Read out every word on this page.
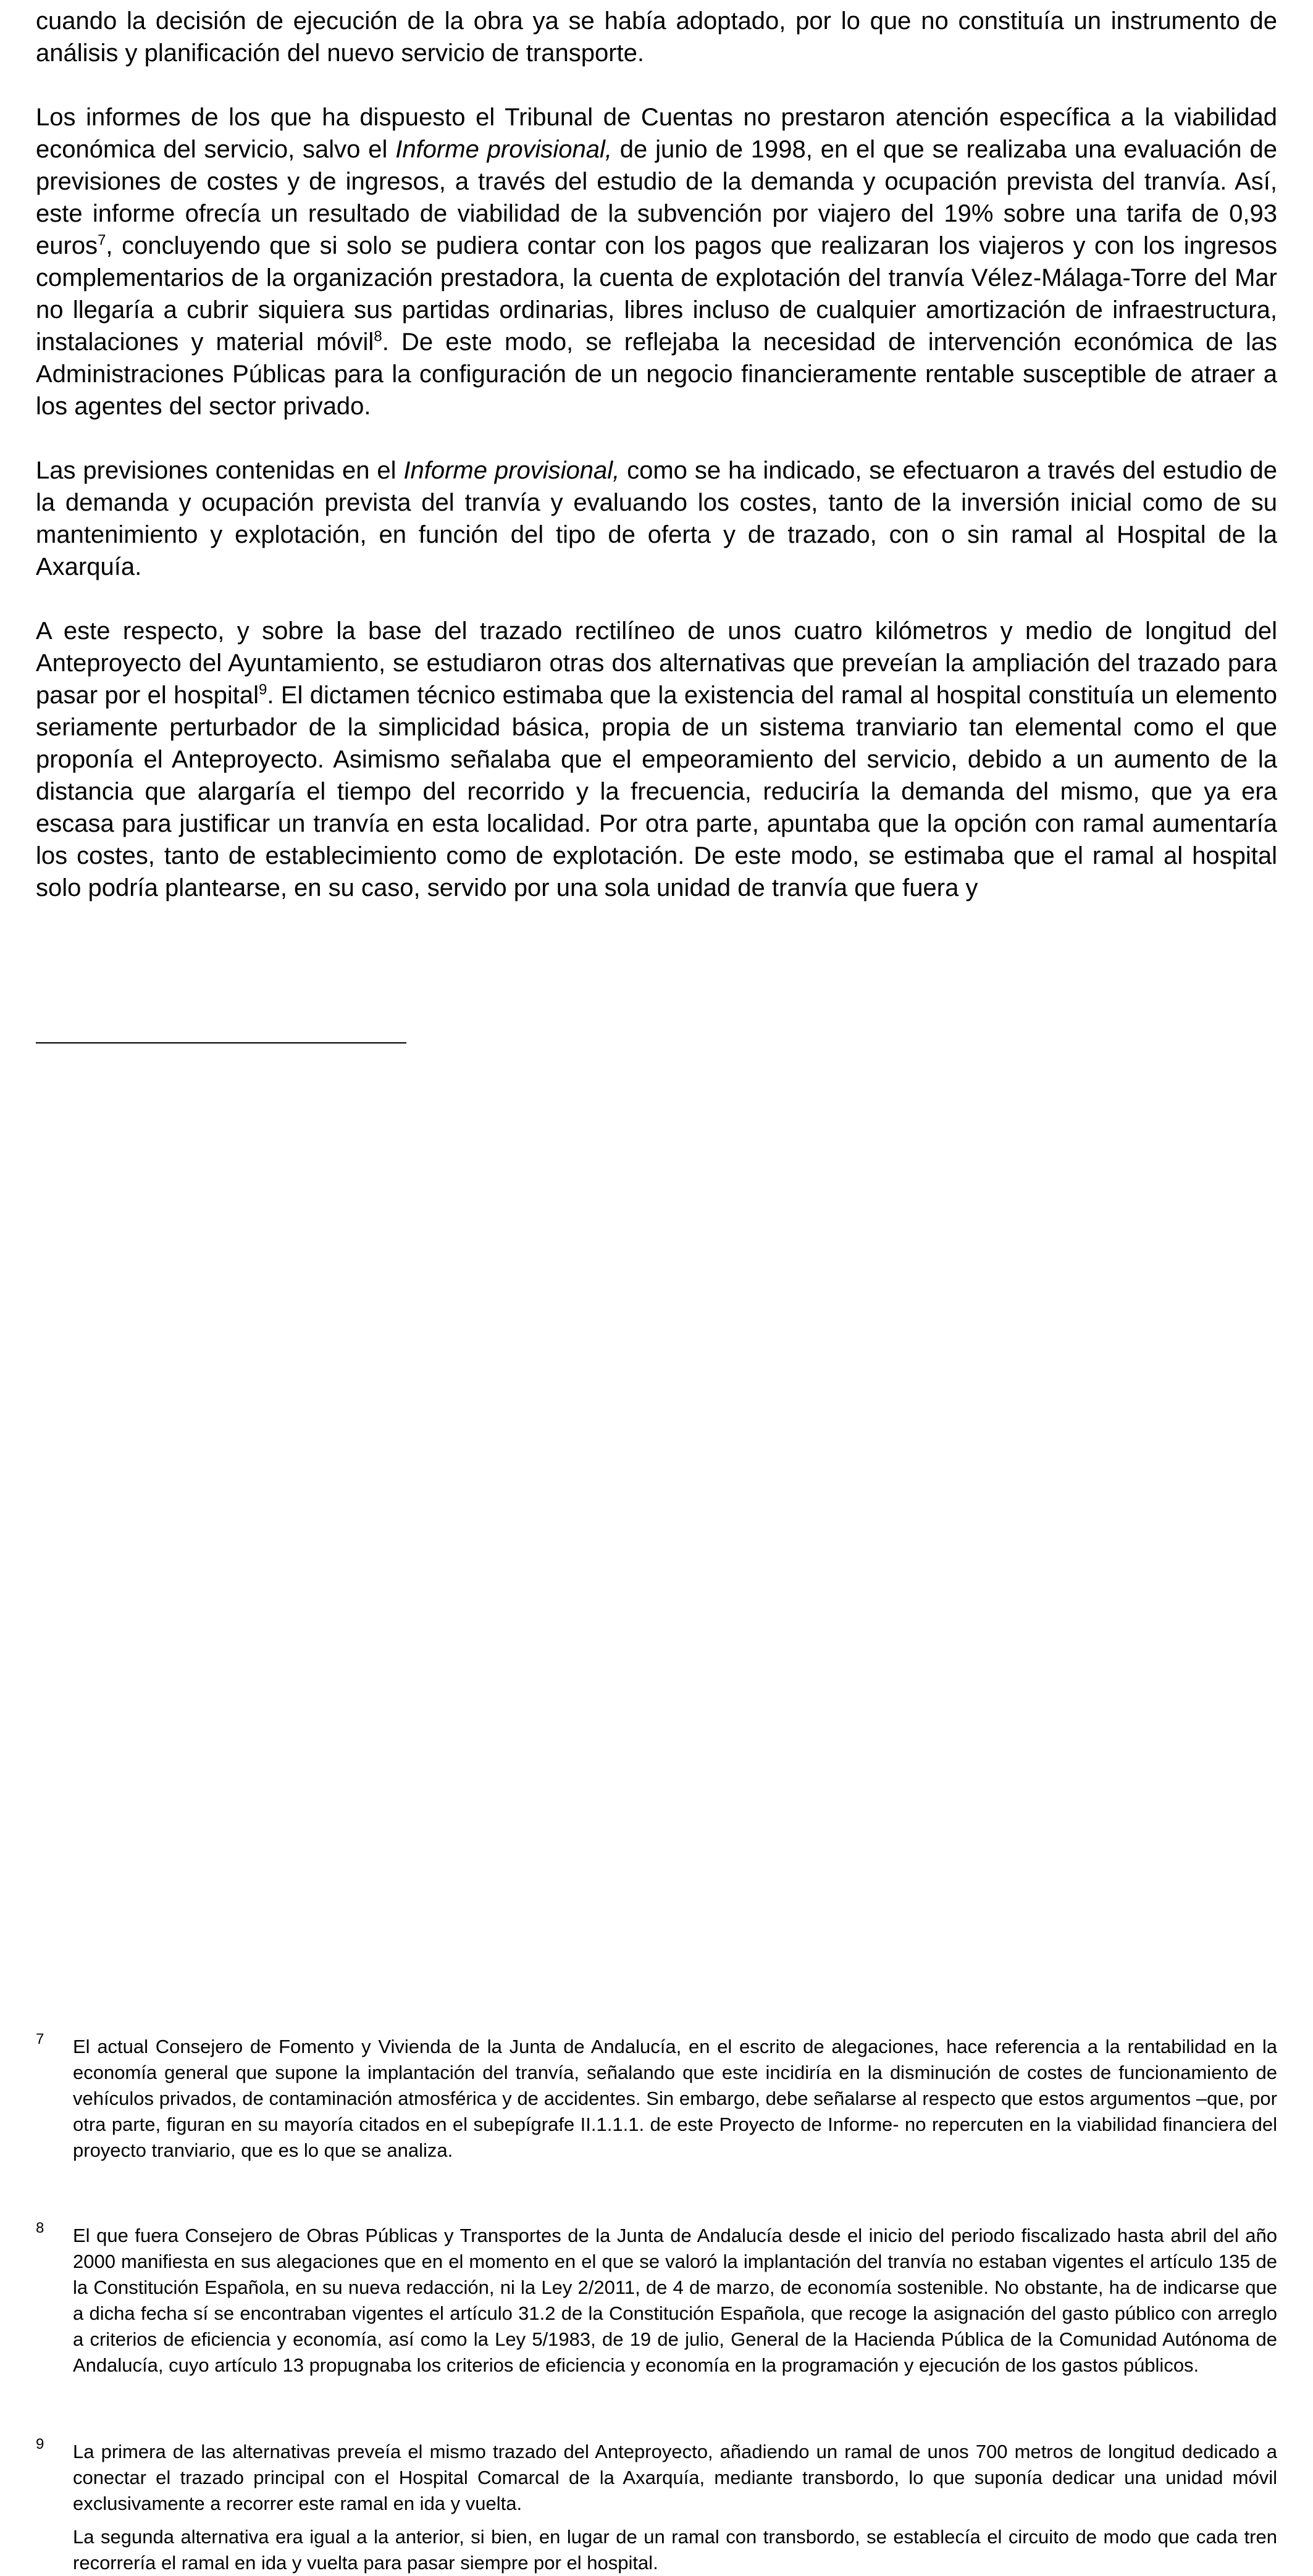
cuando la decisión de ejecución de la obra ya se había adoptado, por lo que no constituía un instrumento de análisis y planificación del nuevo servicio de transporte.

Los informes de los que ha dispuesto el Tribunal de Cuentas no prestaron atención específica a la viabilidad económica del servicio, salvo el Informe provisional, de junio de 1998, en el que se realizaba una evaluación de previsiones de costes y de ingresos, a través del estudio de la demanda y ocupación prevista del tranvía. Así, este informe ofrecía un resultado de viabilidad de la subvención por viajero del 19% sobre una tarifa de 0,93 euros$^7$, concluyendo que si solo se pudiera contar con los pagos que realizaran los viajeros y con los ingresos complementarios de la organización prestadora, la cuenta de explotación del tranvía Vélez-Málaga-Torre del Mar no llegaría a cubrir siquiera sus partidas ordinarias, libres incluso de cualquier amortización de infraestructura, instalaciones y material móvil$^8$. De este modo, se reflejaba la necesidad de intervención económica de las Administraciones Públicas para la configuración de un negocio financieramente rentable susceptible de atraer a los agentes del sector privado.

Las previsiones contenidas en el Informe provisional, como se ha indicado, se efectuaron a través del estudio de la demanda y ocupación prevista del tranvía y evaluando los costes, tanto de la inversión inicial como de su mantenimiento y explotación, en función del tipo de oferta y de trazado, con o sin ramal al Hospital de la Axarquía.

A este respecto, y sobre la base del trazado rectilíneo de unos cuatro kilómetros y medio de longitud del Anteproyecto del Ayuntamiento, se estudiaron otras dos alternativas que preveían la ampliación del trazado para pasar por el hospital$^9$. El dictamen técnico estimaba que la existencia del ramal al hospital constituía un elemento seriamente perturbador de la simplicidad básica, propia de un sistema tranviario tan elemental como el que proponía el Anteproyecto. Asimismo señalaba que el empeoramiento del servicio, debido a un aumento de la distancia que alargaría el tiempo del recorrido y la frecuencia, reduciría la demanda del mismo, que ya era escasa para justificar un tranvía en esta localidad. Por otra parte, apuntaba que la opción con ramal aumentaría los costes, tanto de establecimiento como de explotación. De este modo, se estimaba que el ramal al hospital solo podría plantearse, en su caso, servido por una sola unidad de tranvía que fuera y

7 El actual Consejero de Fomento y Vivienda de la Junta de Andalucía, en el escrito de alegaciones, hace referencia a la rentabilidad en la economía general que supone la implantación del tranvía, señalando que este incidiría en la disminución de costes de funcionamiento de vehículos privados, de contaminación atmosférica y de accidentes. Sin embargo, debe señalarse al respecto que estos argumentos –que, por otra parte, figuran en su mayoría citados en el subepígrafe II.1.1.1. de este Proyecto de Informe- no repercuten en la viabilidad financiera del proyecto tranviario, que es lo que se analiza.

8 El que fuera Consejero de Obras Públicas y Transportes de la Junta de Andalucía desde el inicio del periodo fiscalizado hasta abril del año 2000 manifiesta en sus alegaciones que en el momento en el que se valoró la implantación del tranvía no estaban vigentes el artículo 135 de la Constitución Española, en su nueva redacción, ni la Ley 2/2011, de 4 de marzo, de economía sostenible. No obstante, ha de indicarse que a dicha fecha sí se encontraban vigentes el artículo 31.2 de la Constitución Española, que recoge la asignación del gasto público con arreglo a criterios de eficiencia y economía, así como la Ley 5/1983, de 19 de julio, General de la Hacienda Pública de la Comunidad Autónoma de Andalucía, cuyo artículo 13 propugnaba los criterios de eficiencia y economía en la programación y ejecución de los gastos públicos.

9 La primera de las alternativas preveía el mismo trazado del Anteproyecto, añadiendo un ramal de unos 700 metros de longitud dedicado a conectar el trazado principal con el Hospital Comarcal de la Axarquía, mediante transbordo, lo que suponía dedicar una unidad móvil exclusivamente a recorrer este ramal en ida y vuelta.

La segunda alternativa era igual a la anterior, si bien, en lugar de un ramal con transbordo, se establecía el circuito de modo que cada tren recorrería el ramal en ida y vuelta para pasar siempre por el hospital.
